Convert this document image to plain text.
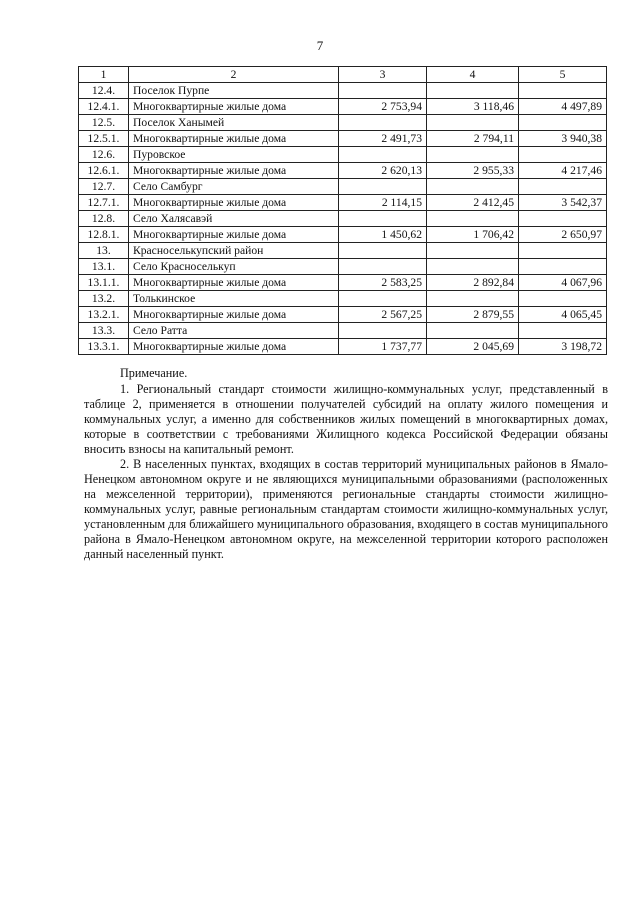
7
1	2	3	4	5
12.4.	Поселок Пурпе			
12.4.1.	Многоквартирные жилые дома	2 753,94	3 118,46	4 497,89
12.5.	Поселок Ханымей			
12.5.1.	Многоквартирные жилые дома	2 491,73	2 794,11	3 940,38
12.6.	Пуровское			
12.6.1.	Многоквартирные жилые дома	2 620,13	2 955,33	4 217,46
12.7.	Село Самбург			
12.7.1.	Многоквартирные жилые дома	2 114,15	2 412,45	3 542,37
12.8.	Село Халясавэй			
12.8.1.	Многоквартирные жилые дома	1 450,62	1 706,42	2 650,97
13.	Красноселькупский район			
13.1.	Село Красноселькуп			
13.1.1.	Многоквартирные жилые дома	2 583,25	2 892,84	4 067,96
13.2.	Толькинское			
13.2.1.	Многоквартирные жилые дома	2 567,25	2 879,55	4 065,45
13.3.	Село Ратта			
13.3.1.	Многоквартирные жилые дома	1 737,77	2 045,69	3 198,72

Примечание.

1. Региональный стандарт стоимости жилищно-коммунальных услуг, представленный в таблице 2, применяется в отношении получателей субсидий на оплату жилого помещения и коммунальных услуг, а именно для собственников жилых помещений в многоквартирных домах, которые в соответствии с требованиями Жилищного кодекса Российской Федерации обязаны вносить взносы на капитальный ремонт.

2. В населенных пунктах, входящих в состав территорий муниципальных районов в Ямало-Ненецком автономном округе и не являющихся муниципальными образованиями (расположенных на межселенной территории), применяются региональные стандарты стоимости жилищно-коммунальных услуг, равные региональным стандартам стоимости жилищно-коммунальных услуг, установленным для ближайшего муниципального образования, входящего в состав муниципального района в Ямало-Ненецком автономном округе, на межселенной территории которого расположен данный населенный пункт.
